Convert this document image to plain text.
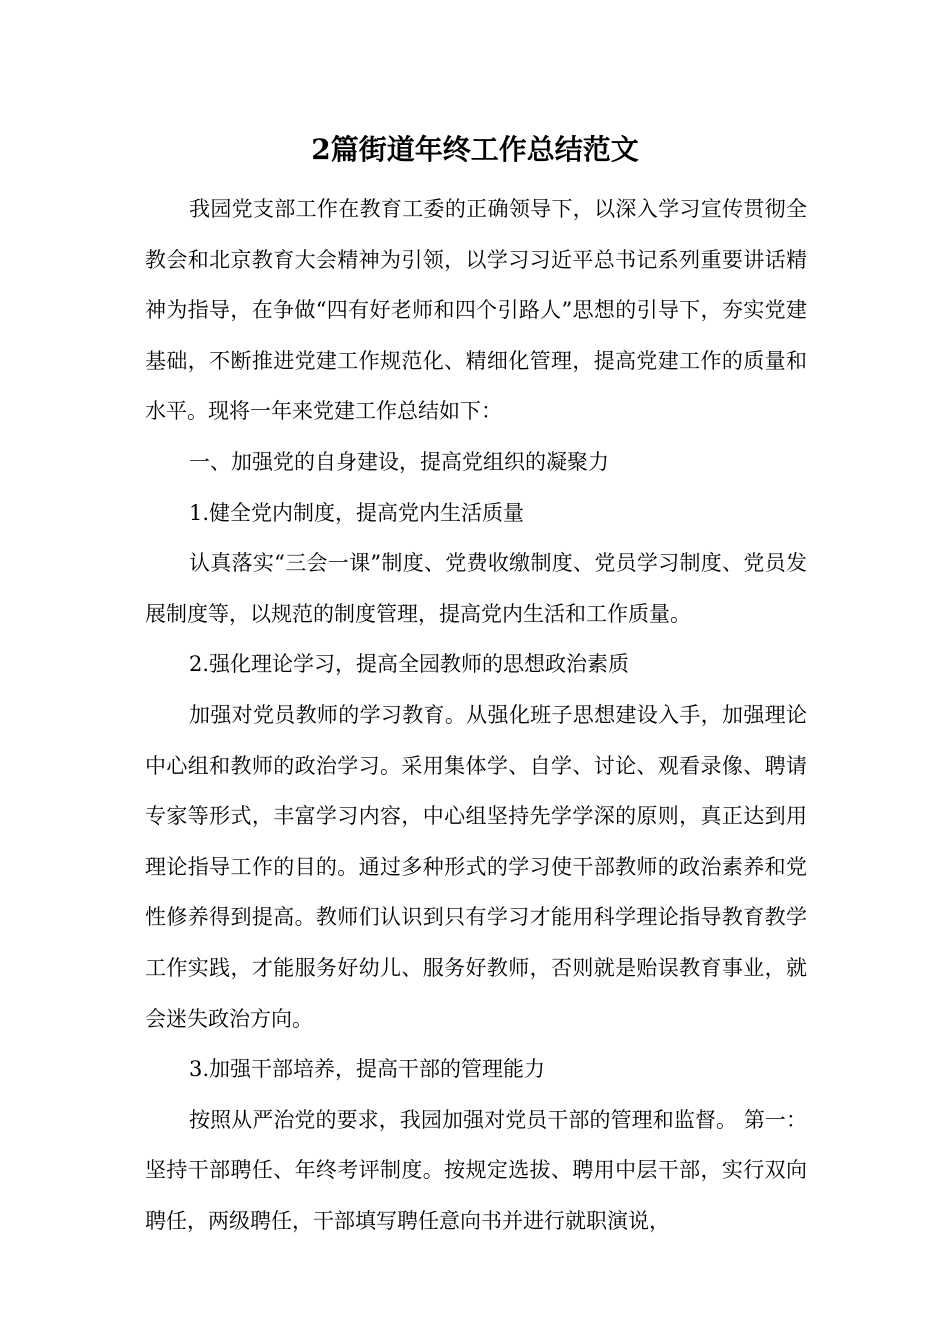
2篇街道年终工作总结范文

我园党支部工作在教育工委的正确领导下，以深入学习宣传贯彻全教会和北京教育大会精神为引领，以学习习近平总书记系列重要讲话精神为指导，在争做“四有好老师和四个引路人”思想的引导下，夯实党建基础，不断推进党建工作规范化、精细化管理，提高党建工作的质量和水平。现将一年来党建工作总结如下：

一、加强党的自身建设，提高党组织的凝聚力

1.健全党内制度，提高党内生活质量

认真落实“三会一课”制度、党费收缴制度、党员学习制度、党员发展制度等，以规范的制度管理，提高党内生活和工作质量。

2.强化理论学习，提高全园教师的思想政治素质

加强对党员教师的学习教育。从强化班子思想建设入手，加强理论中心组和教师的政治学习。采用集体学、自学、讨论、观看录像、聘请专家等形式，丰富学习内容，中心组坚持先学学深的原则，真正达到用理论指导工作的目的。通过多种形式的学习使干部教师的政治素养和党性修养得到提高。教师们认识到只有学习才能用科学理论指导教育教学工作实践，才能服务好幼儿、服务好教师，否则就是贻误教育事业，就会迷失政治方向。

3.加强干部培养，提高干部的管理能力

按照从严治党的要求，我园加强对党员干部的管理和监督。 第一：坚持干部聘任、年终考评制度。按规定选拔、聘用中层干部，实行双向聘任，两级聘任，干部填写聘任意向书并进行就职演说，
